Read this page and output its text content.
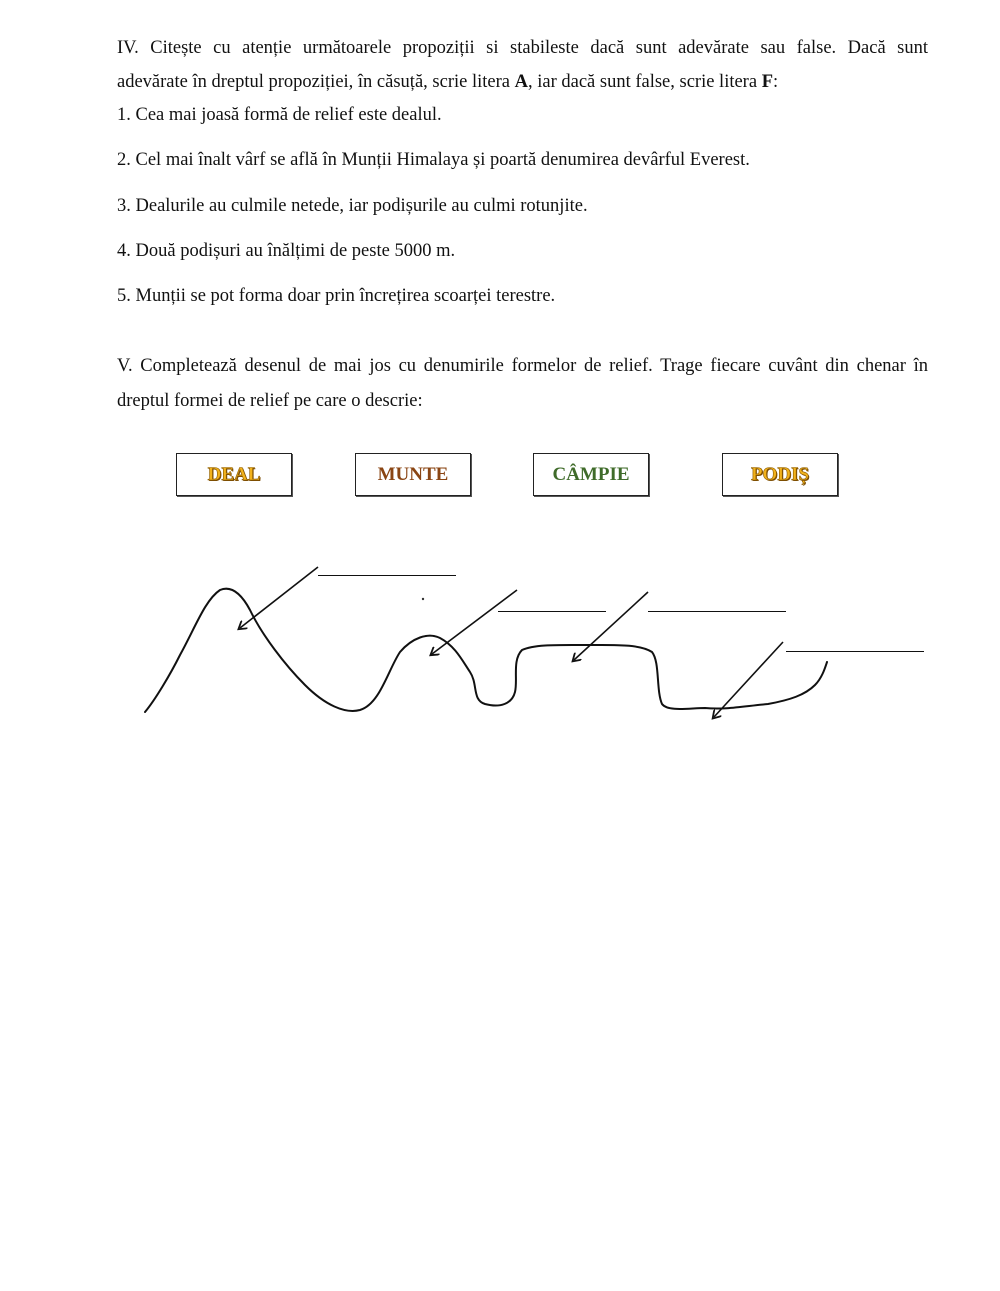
IV. Citește cu atenție următoarele propoziții si stabileste dacă sunt adevărate sau false. Dacă sunt
adevărate în dreptul propoziției, în căsuță, scrie litera A, iar dacă sunt false, scrie litera F:
1. Cea mai joasă formă de relief este dealul.
2. Cel mai înalt vârf se află în Munții Himalaya și poartă denumirea devârful Everest.
3. Dealurile au culmile netede, iar podișurile au culmi rotunjite.
4. Două podișuri au înălțimi de peste 5000 m.
5. Munții se pot forma doar prin încrețirea scoarței terestre.
V. Completează desenul de mai jos cu denumirile formelor de relief. Trage fiecare cuvânt din chenar în
dreptul formei de relief pe care o descrie:
DEAL	MUNTE	CÂMPIE	PODIȘ
